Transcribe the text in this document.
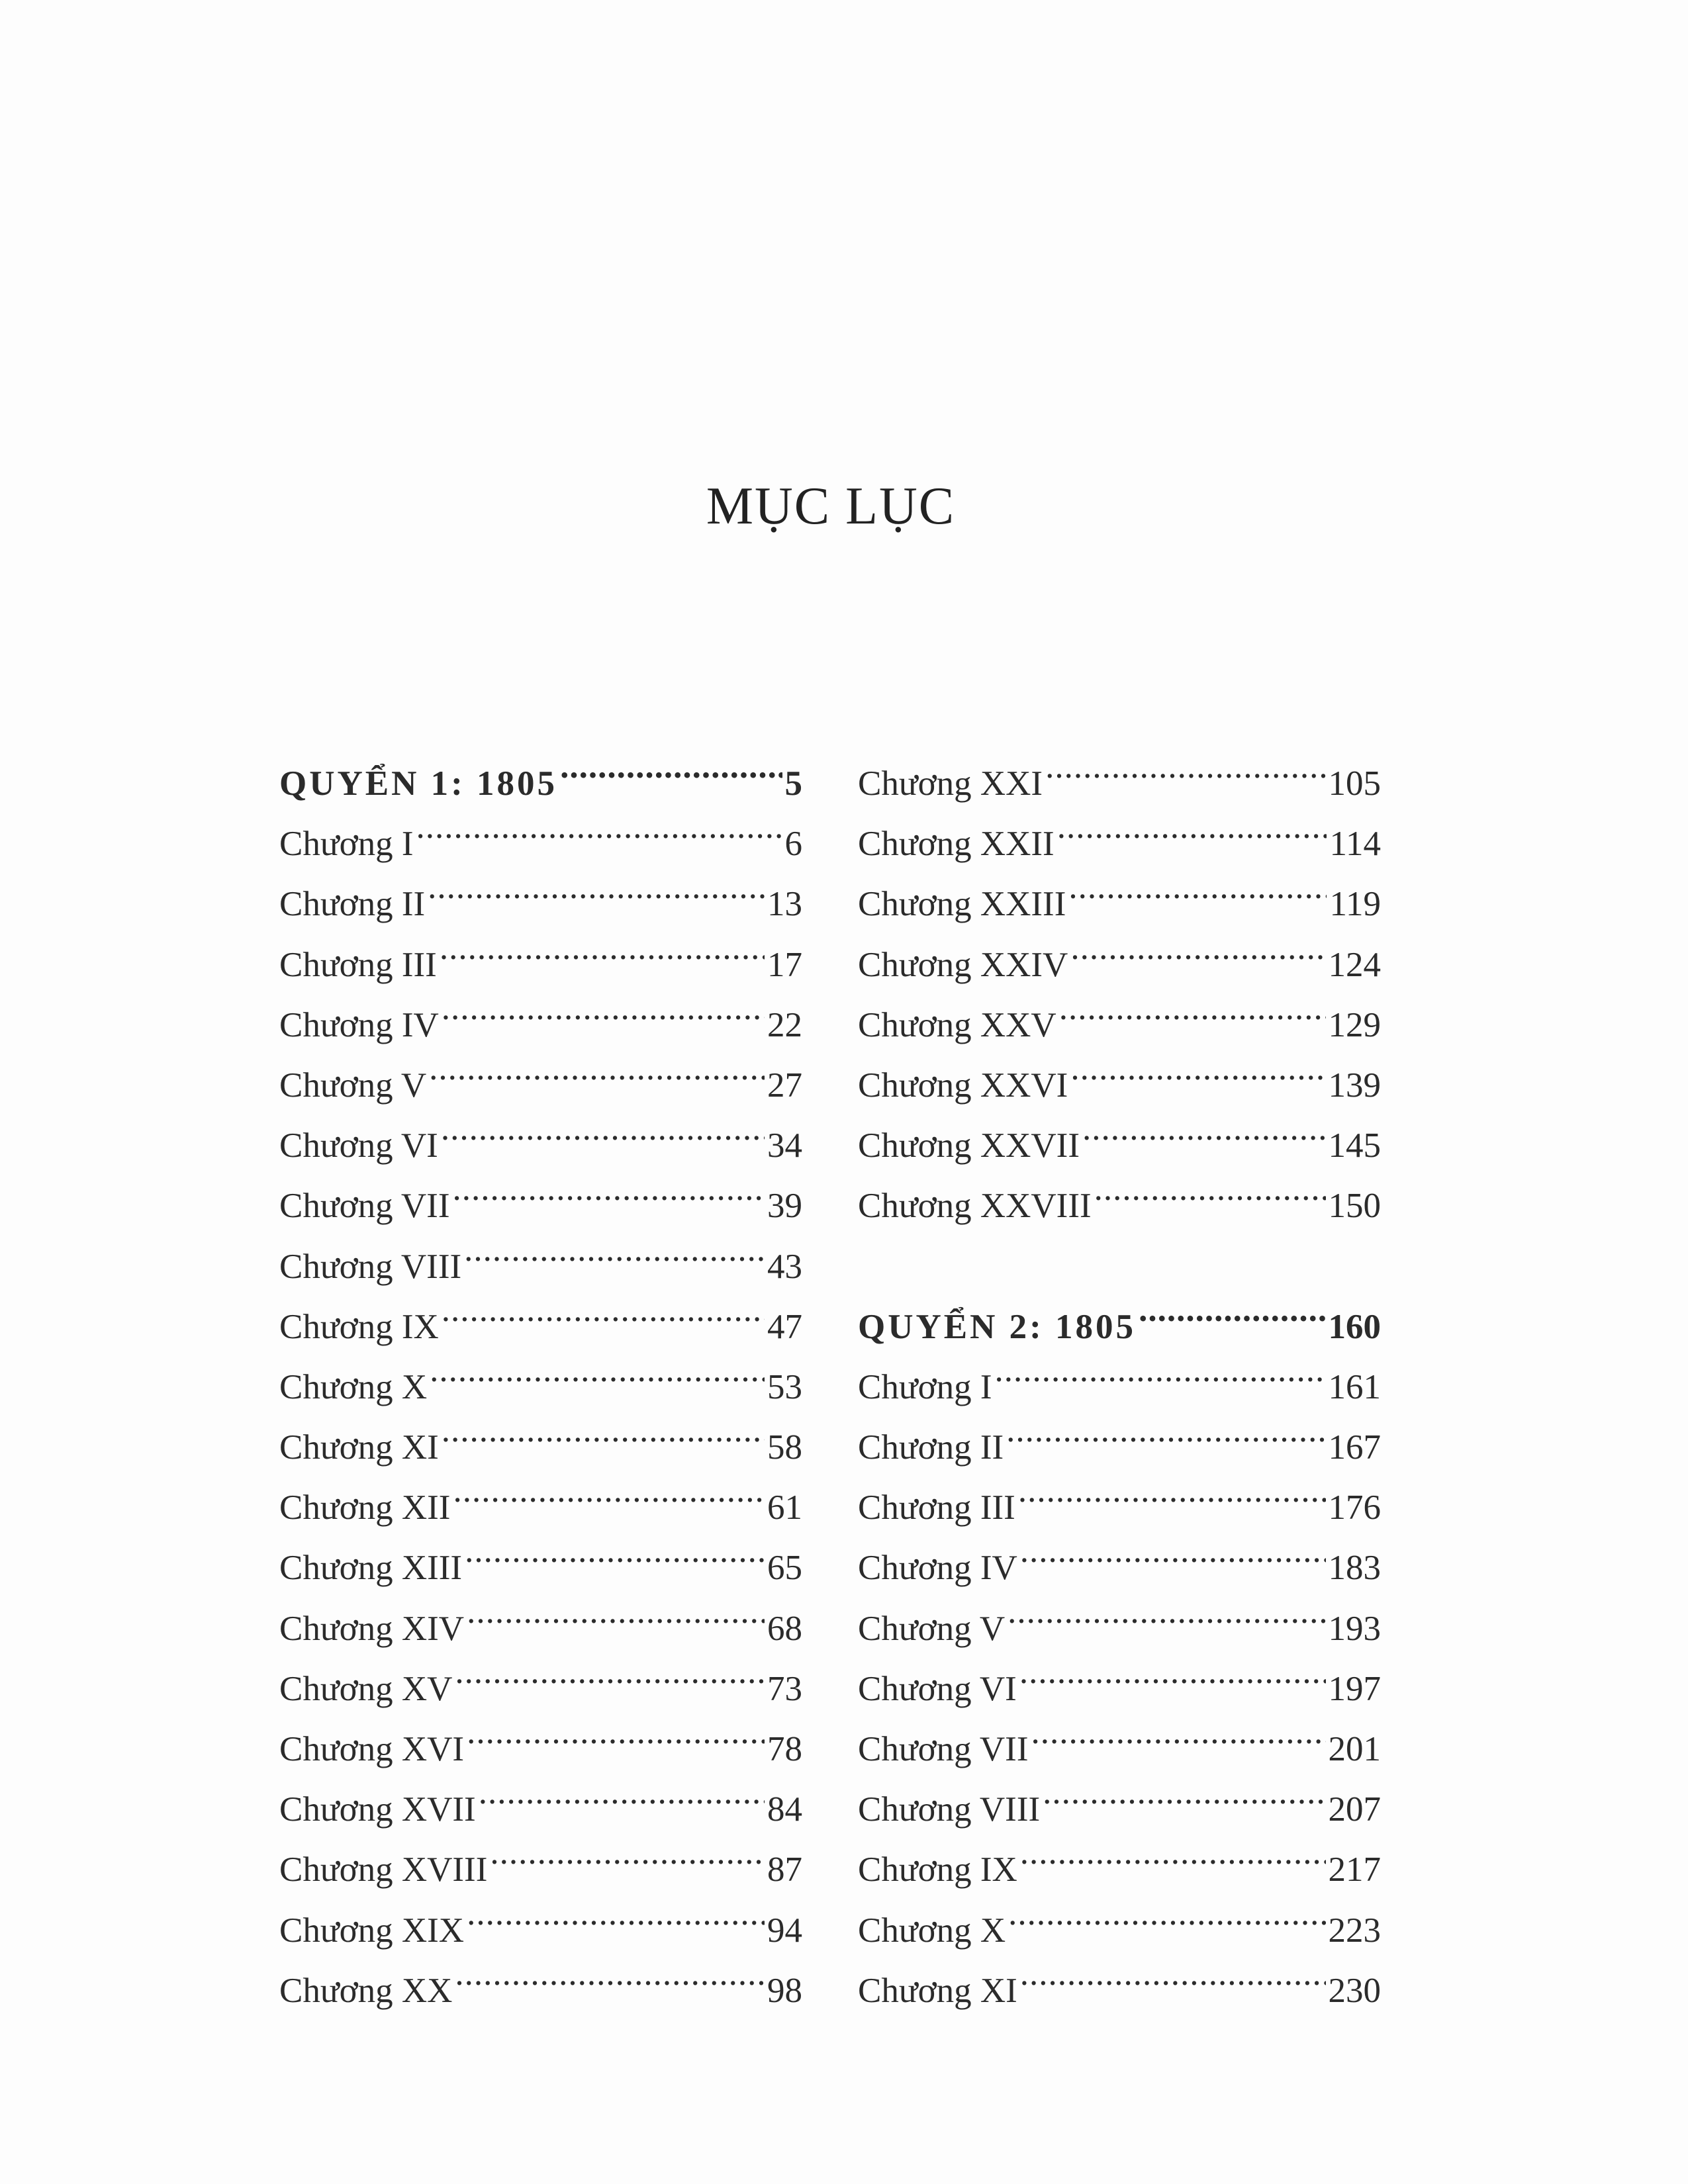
MỤC LỤC
QUYỂN 1: 1805 .....	5
Chương I .....	6
Chương II .....	13
Chương III .....	17
Chương IV .....	22
Chương V .....	27
Chương VI .....	34
Chương VII .....	39
Chương VIII .....	43
Chương IX .....	47
Chương X .....	53
Chương XI .....	58
Chương XII .....	61
Chương XIII .....	65
Chương XIV .....	68
Chương XV .....	73
Chương XVI .....	78
Chương XVII .....	84
Chương XVIII .....	87
Chương XIX .....	94
Chương XX .....	98
Chương XXI .....	105
Chương XXII .....	114
Chương XXIII .....	119
Chương XXIV .....	124
Chương XXV .....	129
Chương XXVI .....	139
Chương XXVII .....	145
Chương XXVIII .....	150
QUYỂN 2: 1805 .....	160
Chương I .....	161
Chương II .....	167
Chương III .....	176
Chương IV .....	183
Chương V .....	193
Chương VI .....	197
Chương VII .....	201
Chương VIII .....	207
Chương IX .....	217
Chương X .....	223
Chương XI .....	230
